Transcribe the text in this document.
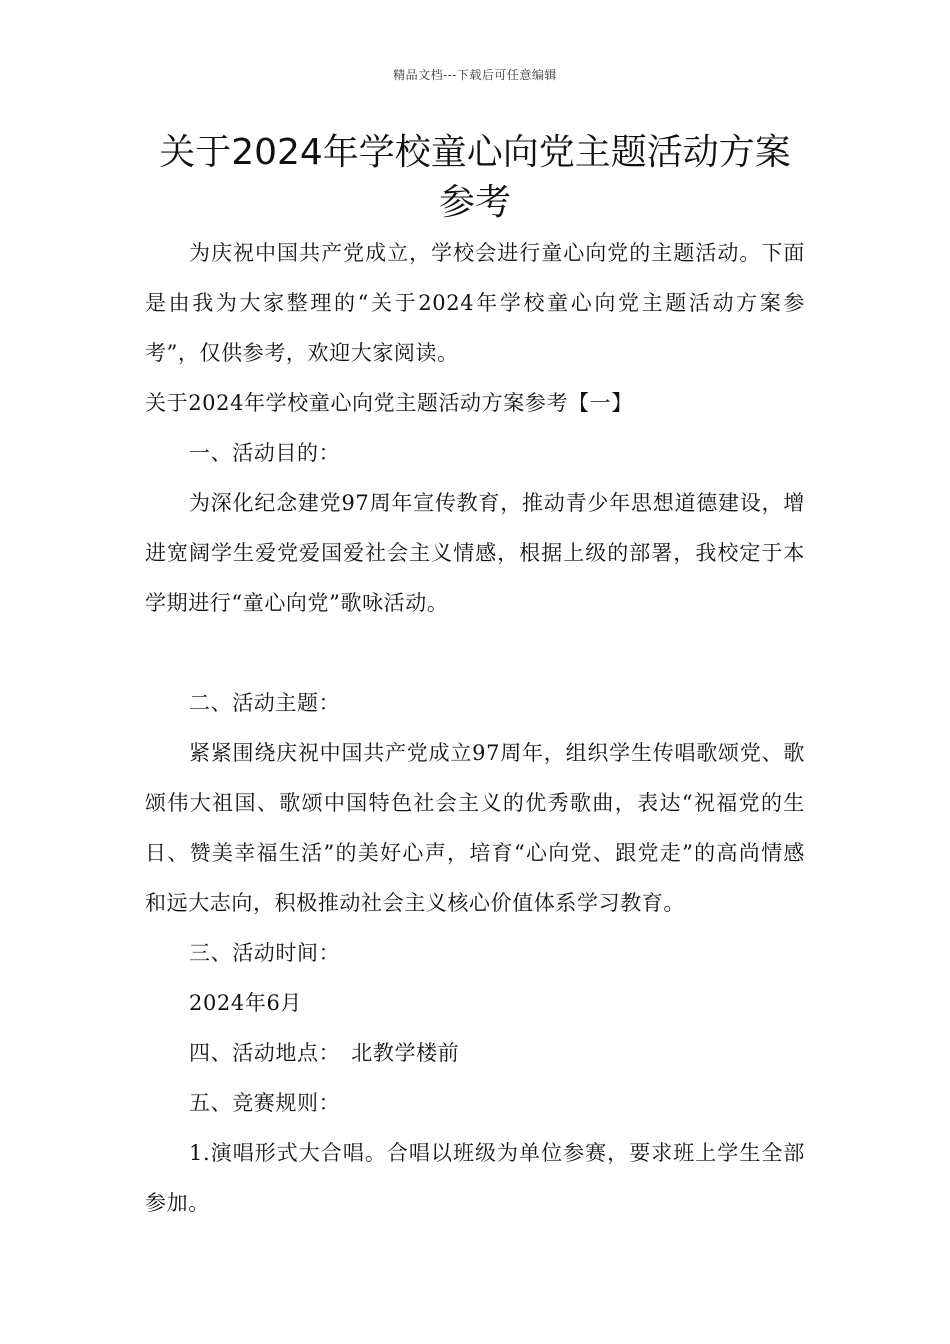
精品文档---下载后可任意编辑
关于2024年学校童心向党主题活动方案参考

为庆祝中国共产党成立，学校会进行童心向党的主题活动。下面是由我为大家整理的“关于2024年学校童心向党主题活动方案参考”，仅供参考，欢迎大家阅读。

关于2024年学校童心向党主题活动方案参考【一】

一、活动目的：

为深化纪念建党97周年宣传教育，推动青少年思想道德建设，增进宽阔学生爱党爱国爱社会主义情感，根据上级的部署，我校定于本学期进行“童心向党”歌咏活动。

二、活动主题：

紧紧围绕庆祝中国共产党成立97周年，组织学生传唱歌颂党、歌颂伟大祖国、歌颂中国特色社会主义的优秀歌曲，表达“祝福党的生日、赞美幸福生活”的美好心声，培育“心向党、跟党走”的高尚情感和远大志向，积极推动社会主义核心价值体系学习教育。

三、活动时间：

2024年6月

四、活动地点：　北教学楼前

五、竞赛规则：

1.演唱形式大合唱。合唱以班级为单位参赛，要求班上学生全部参加。
